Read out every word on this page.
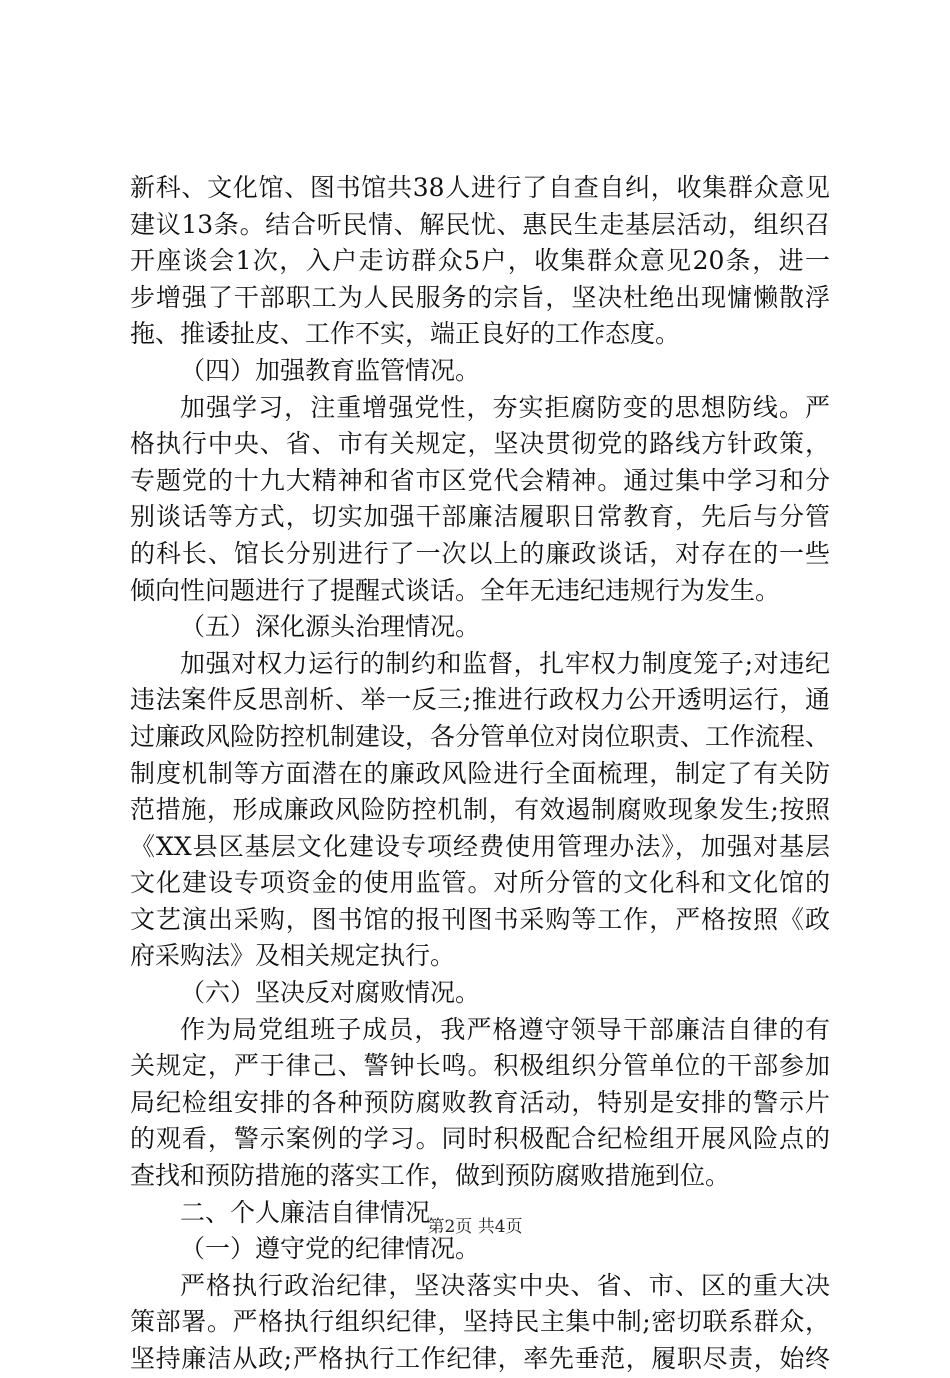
新科、文化馆、图书馆共38人进行了自查自纠，收集群众意见
建议13条。结合听民情、解民忧、惠民生走基层活动，组织召
开座谈会1次，入户走访群众5户，收集群众意见20条，进一
步增强了干部职工为人民服务的宗旨，坚决杜绝出现慵懒散浮
拖、推诿扯皮、工作不实，端正良好的工作态度。
（四）加强教育监管情况。
加强学习，注重增强党性，夯实拒腐防变的思想防线。严
格执行中央、省、市有关规定，坚决贯彻党的路线方针政策，
专题党的十九大精神和省市区党代会精神。通过集中学习和分
别谈话等方式，切实加强干部廉洁履职日常教育，先后与分管
的科长、馆长分别进行了一次以上的廉政谈话，对存在的一些
倾向性问题进行了提醒式谈话。全年无违纪违规行为发生。
（五）深化源头治理情况。
加强对权力运行的制约和监督，扎牢权力制度笼子;对违纪
违法案件反思剖析、举一反三;推进行政权力公开透明运行，通
过廉政风险防控机制建设，各分管单位对岗位职责、工作流程、
制度机制等方面潜在的廉政风险进行全面梳理，制定了有关防
范措施，形成廉政风险防控机制，有效遏制腐败现象发生;按照
《XX县区基层文化建设专项经费使用管理办法》，加强对基层
文化建设专项资金的使用监管。对所分管的文化科和文化馆的
文艺演出采购，图书馆的报刊图书采购等工作，严格按照《政
府采购法》及相关规定执行。
（六）坚决反对腐败情况。
作为局党组班子成员，我严格遵守领导干部廉洁自律的有
关规定，严于律己、警钟长鸣。积极组织分管单位的干部参加
局纪检组安排的各种预防腐败教育活动，特别是安排的警示片
的观看，警示案例的学习。同时积极配合纪检组开展风险点的
查找和预防措施的落实工作，做到预防腐败措施到位。
二、个人廉洁自律情况
（一）遵守党的纪律情况。
严格执行政治纪律，坚决落实中央、省、市、区的重大决
策部署。严格执行组织纪律，坚持民主集中制;密切联系群众，
坚持廉洁从政;严格执行工作纪律，率先垂范，履职尽责，始终
第2页 共4页
